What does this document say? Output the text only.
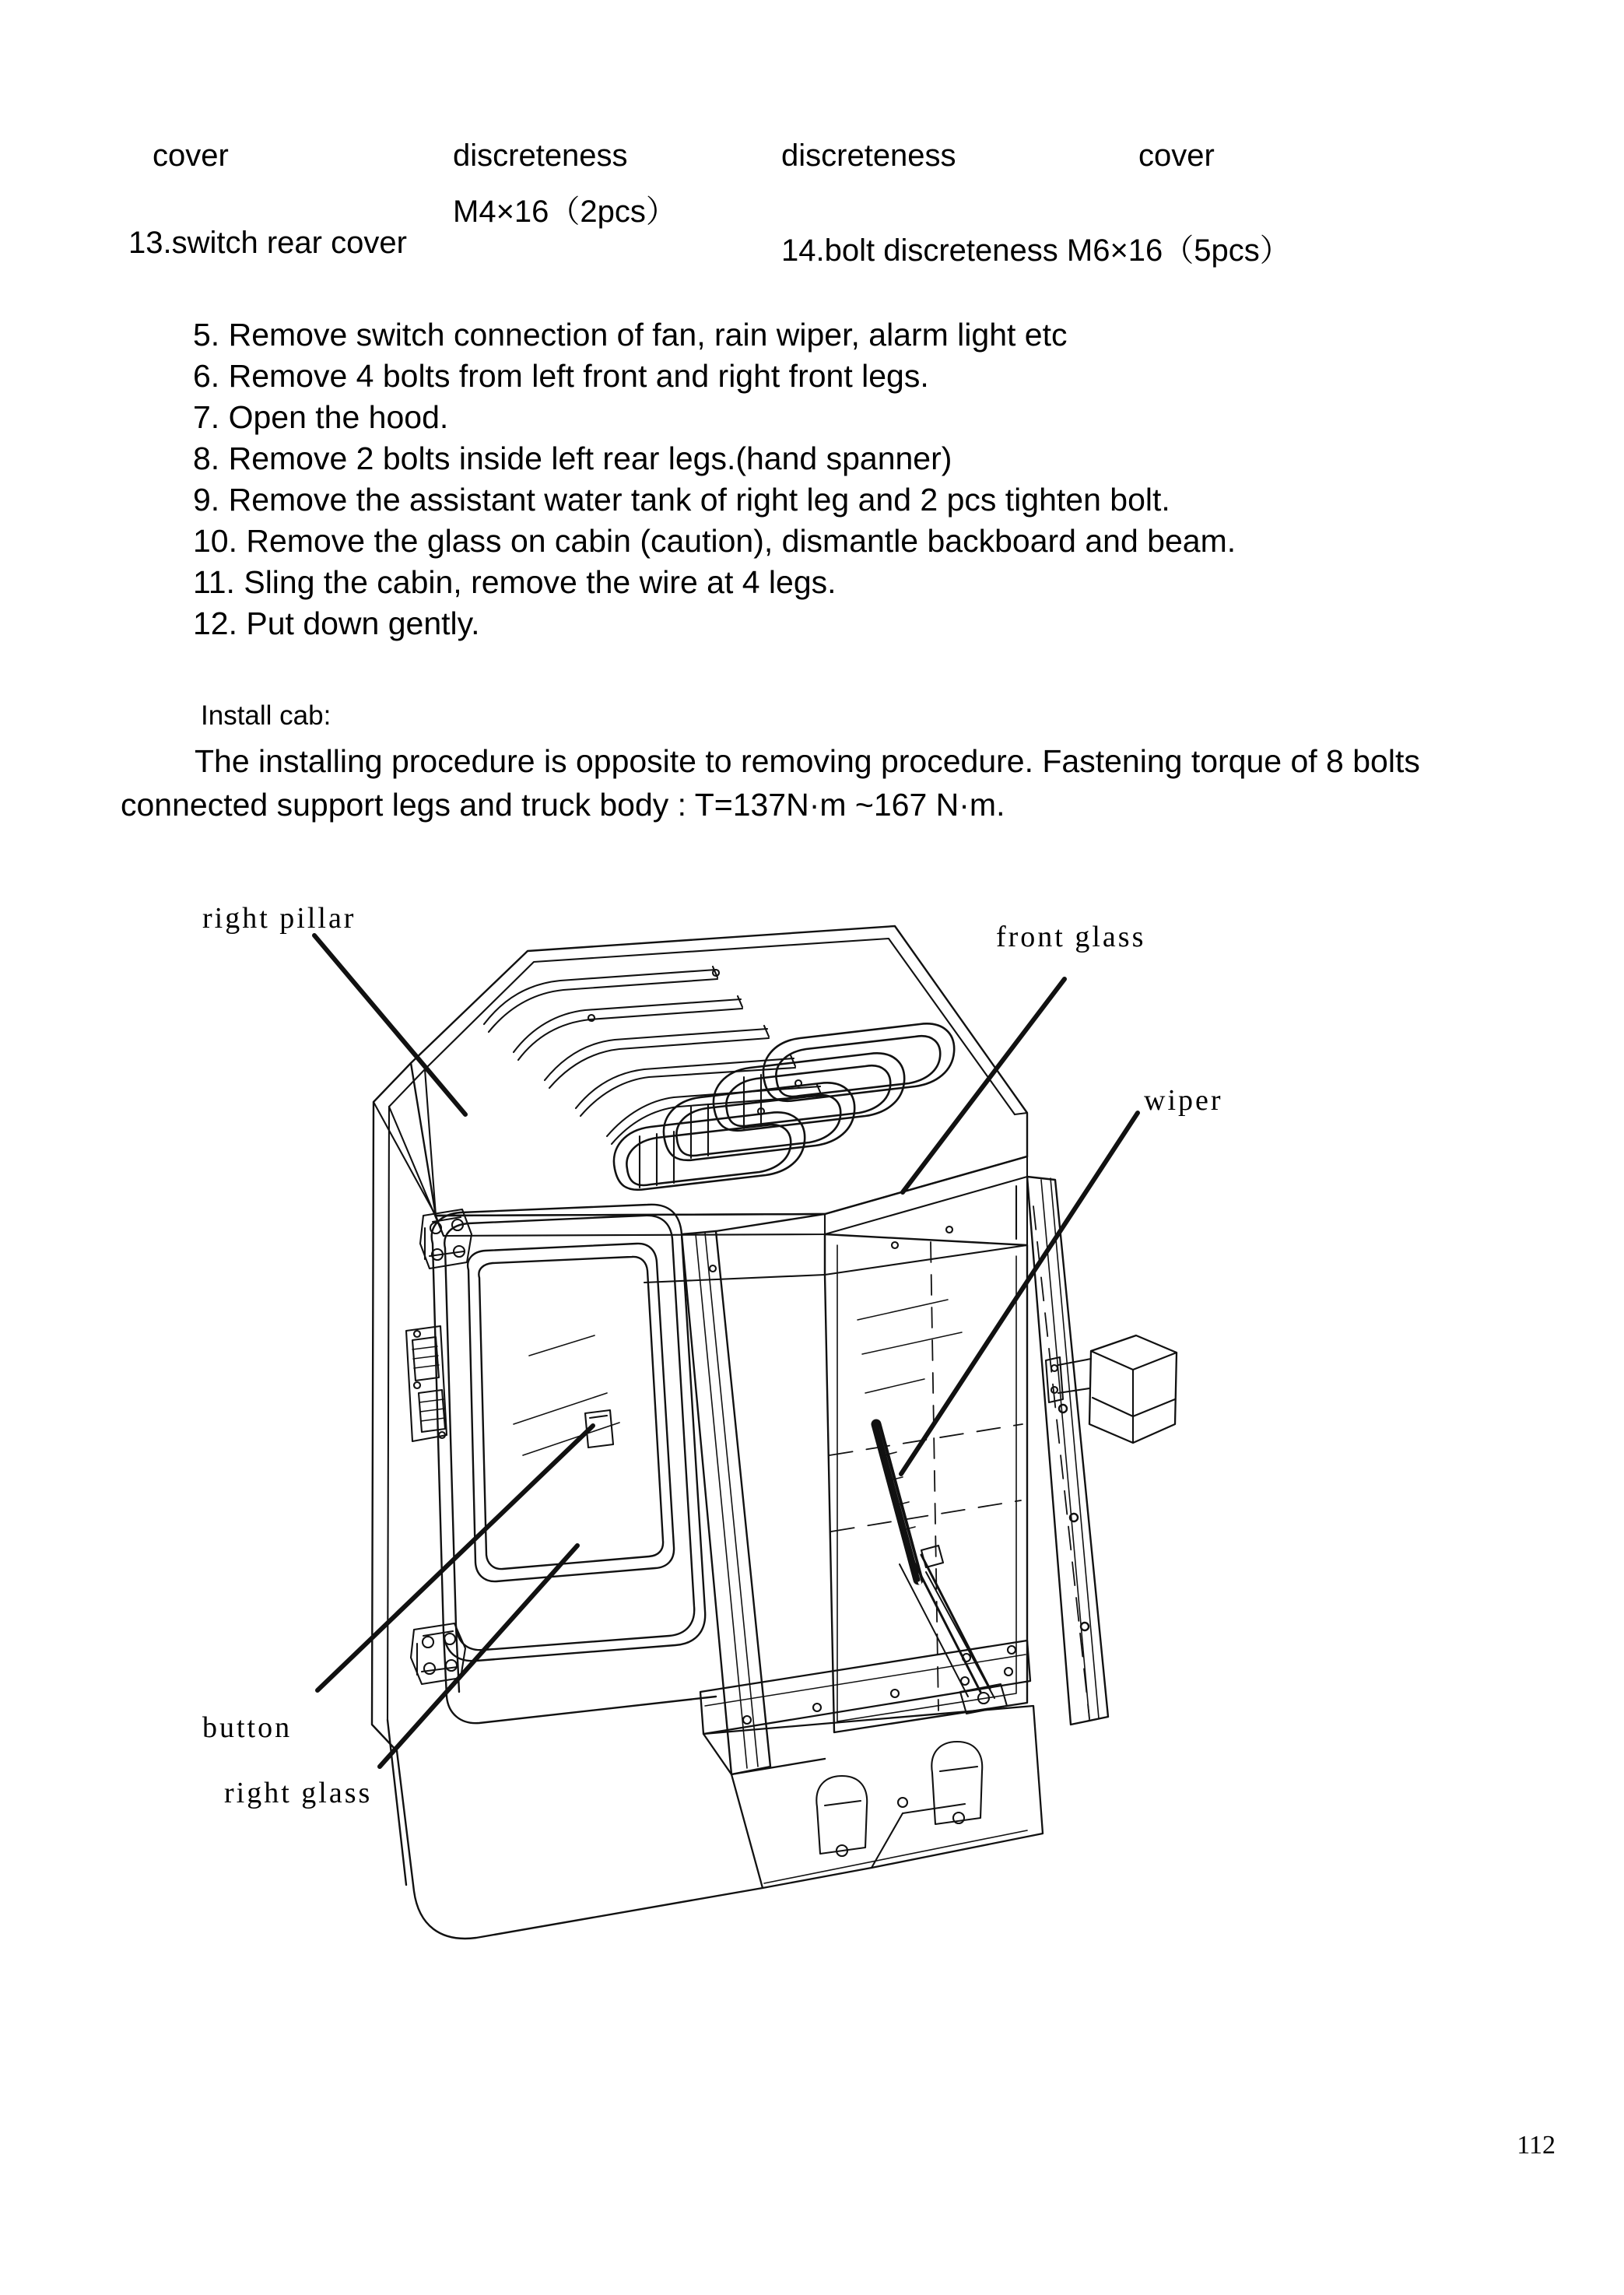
cover	discreteness	discreteness	cover
M4×16（2pcs）
13.switch rear cover	14.bolt discreteness M6×16（5pcs）
5. Remove switch connection of fan, rain wiper, alarm light etc
6. Remove 4 bolts from left front and right front legs.
7. Open the hood.
8. Remove 2 bolts inside left rear legs.(hand spanner)
9. Remove the assistant water tank of right leg and 2 pcs tighten bolt.
10. Remove the glass on cabin (caution), dismantle backboard and beam.
11. Sling the cabin, remove the wire at 4 legs.
12. Put down gently.
Install cab:
The installing procedure is opposite to removing procedure. Fastening torque of 8 bolts connected support legs and truck body : T=137N·m ~167 N·m.
right pillar
front glass
wiper
button
right glass
112
